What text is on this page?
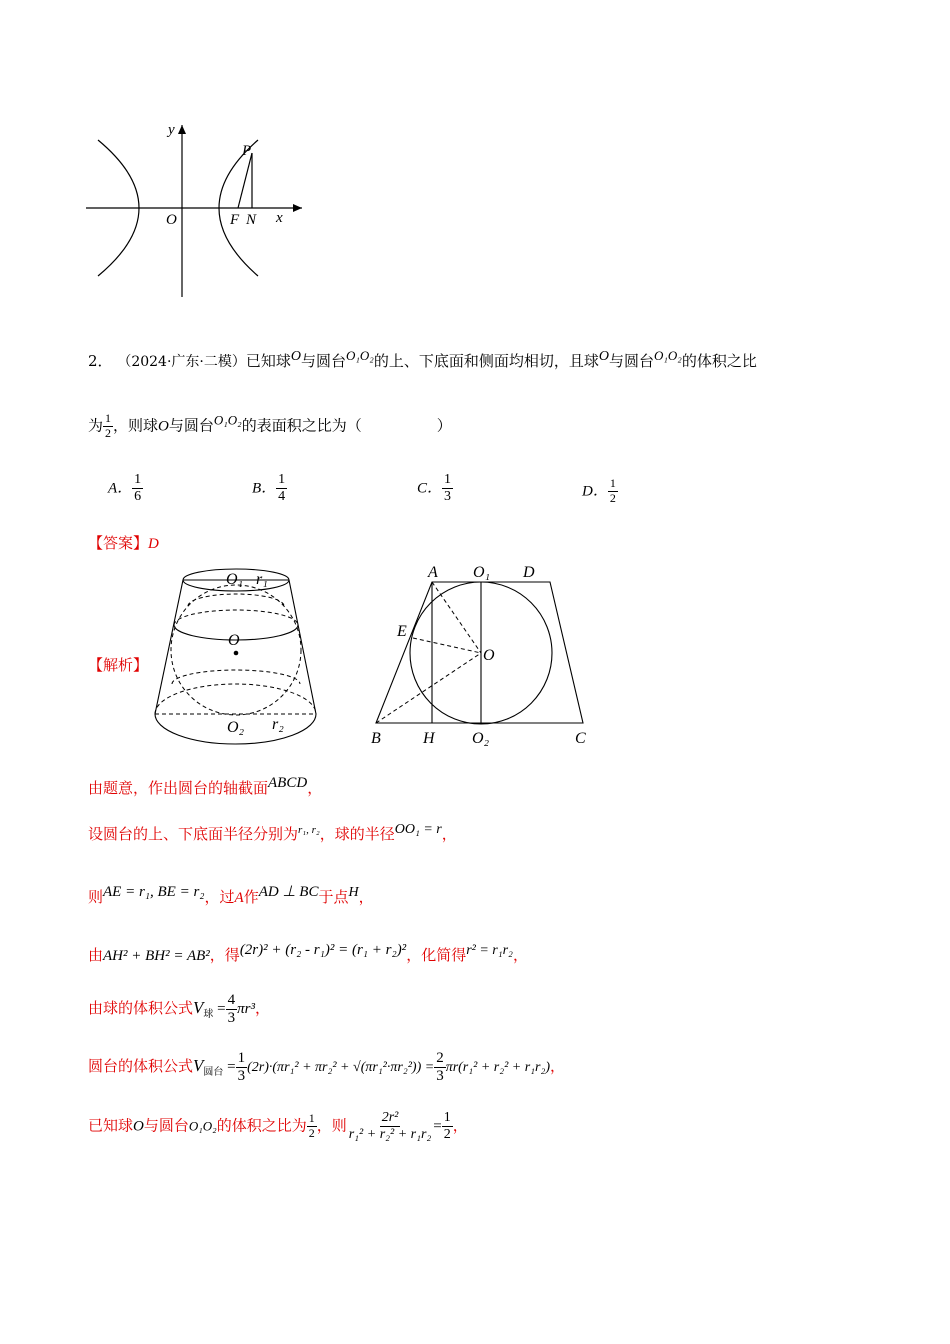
y
O
P
F N x
2． （2024·广东·二模）已知球$^O$与圆台$^{O_1O_2}$的上、下底面和侧面均相切，且球$^O$与圆台$^{O_1O_2}$的体积之比
为 $\frac{1}{2}$ ，则球O与圆台$^{O_1O_2}$的表面积之比为（　　　　　）
A． $\frac{1}{6}$	B． $\frac{1}{4}$	C． $\frac{1}{3}$	D． $\frac{1}{2}$
【答案】D
【解析】
O₁ r₁
O
O₂ r₂
A O₁ D
E
O
B	H O₂	C
由题意，作出圆台的轴截面$^{ABCD}$，
设圆台的上、下底面半径分别为$^{r_1, r_2}$，球的半径$^{OO_1 = r}$，
则$^{AE = r_1, BE = r_2}$，过A作$^{AD \perp BC}$于点$^H$，
由AH² + BH² = AB²，得$^{(2r)^2 + (r_2 - r_1)^2 = (r_1 + r_2)^2}$，化简得$^{r^2 = r_1r_2}$，
由球的体积公式$V_球 = \frac{4}{3} \pi r^3$，
圆台的体积公式$V_{圆台} = \frac{1}{3} (2r)\cdot(\pi r_1^2 + \pi r_2^2 + √(\pi r_1^2\cdot\pi r_2^2)) = \frac{2}{3} \pi r(r_1^2 + r_2^2 + r_1r_2)$，
已知球O与圆台O₁O₂的体积之比为 $\frac{1}{2}$ ，则 $\frac{\text{2r²}}{\text{r₁² + r₂² + r₁r₂}} = \frac{1}{2}$ ，
